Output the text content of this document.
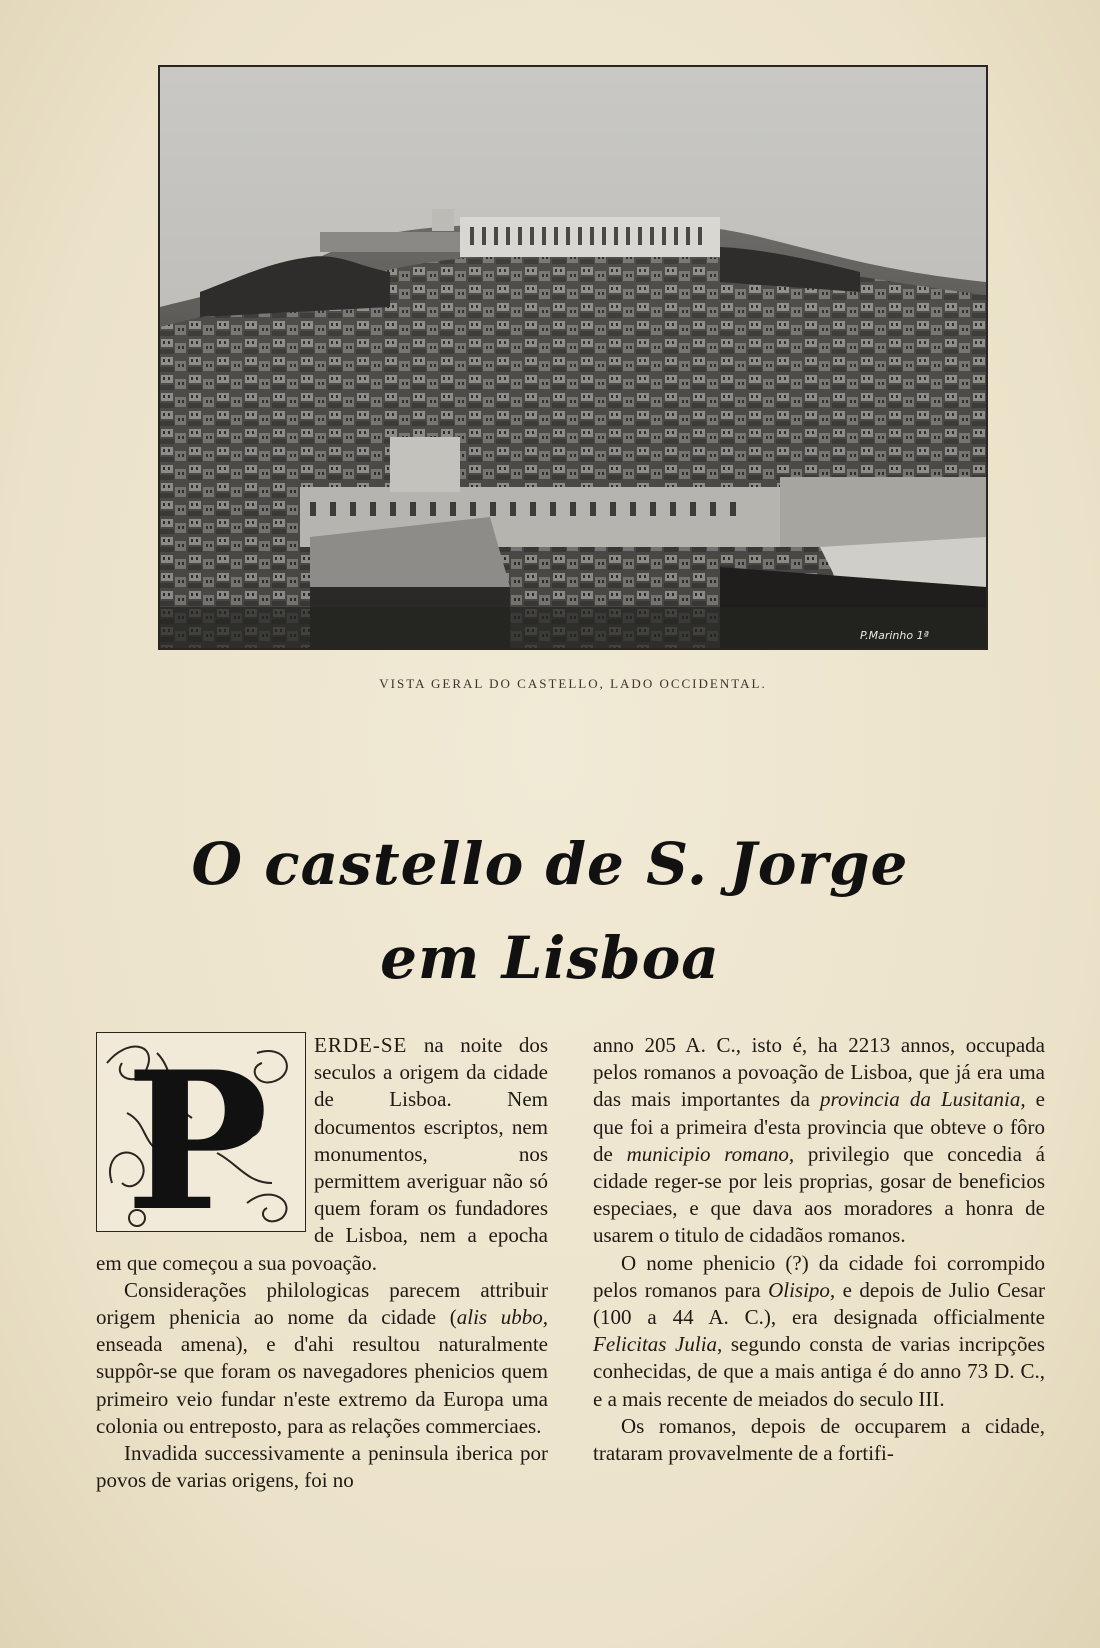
P.Marinho 1ª
VISTA GERAL DO CASTELLO, LADO OCCIDENTAL.
O castello de S. Jorge
em Lisboa
P	ERDE-SE na noite dos seculos a origem da cidade de Lisboa. Nem documentos escriptos, nem monumentos, nos permittem averiguar não só quem foram os fundadores de Lisboa, nem a epocha em que começou a sua povoação.

Considerações philologicas parecem attribuir origem phenicia ao nome da cidade (alis ubbo, enseada amena), e d'ahi resultou naturalmente suppôr-se que foram os navegadores phenicios quem primeiro veio fundar n'este extremo da Europa uma colonia ou entreposto, para as relações commerciaes.

Invadida successivamente a peninsula iberica por povos de varias origens, foi no

anno 205 A. C., isto é, ha 2213 annos, occupada pelos romanos a povoação de Lisboa, que já era uma das mais importantes da provincia da Lusitania, e que foi a primeira d'esta provincia que obteve o fôro de municipio romano, privilegio que concedia á cidade reger-se por leis proprias, gosar de beneficios especiaes, e que dava aos moradores a honra de usarem o titulo de cidadãos romanos.

O nome phenicio (?) da cidade foi corrompido pelos romanos para Olisipo, e depois de Julio Cesar (100 a 44 A. C.), era designada officialmente Felicitas Julia, segundo consta de varias incripções conhecidas, de que a mais antiga é do anno 73 D. C., e a mais recente de meiados do seculo III.

Os romanos, depois de occuparem a cidade, trataram provavelmente de a fortifi-
